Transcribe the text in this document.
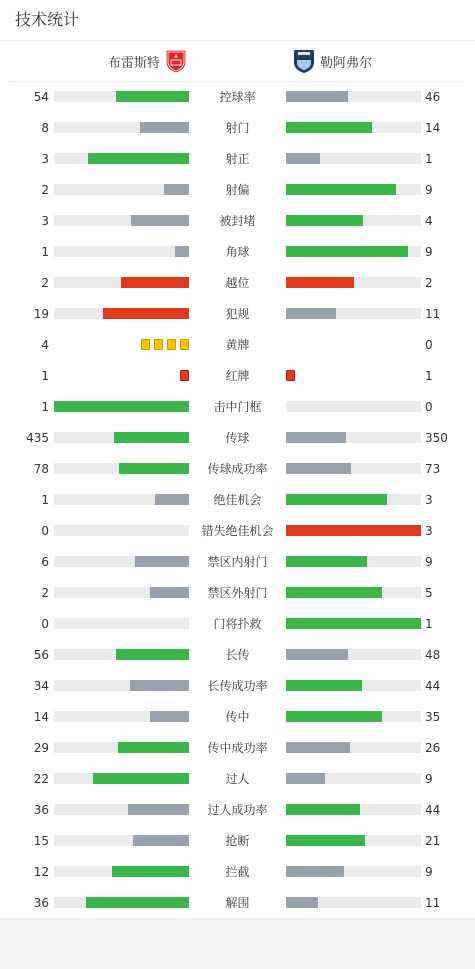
技术统计
布雷斯特	勒阿弗尔
54	控球率	46
8	射门	14
3	射正	1
2	射偏	9
3	被封堵	4
1	角球	9
2	越位	2
19	犯规	11
4	黄牌	0
1	红牌	1
1	击中门框	0
435	传球	350
78	传球成功率	73
1	绝佳机会	3
0	错失绝佳机会	3
6	禁区内射门	9
2	禁区外射门	5
0	门将扑救	1
56	长传	48
34	长传成功率	44
14	传中	35
29	传中成功率	26
22	过人	9
36	过人成功率	44
15	抢断	21
12	拦截	9
36	解围	11
